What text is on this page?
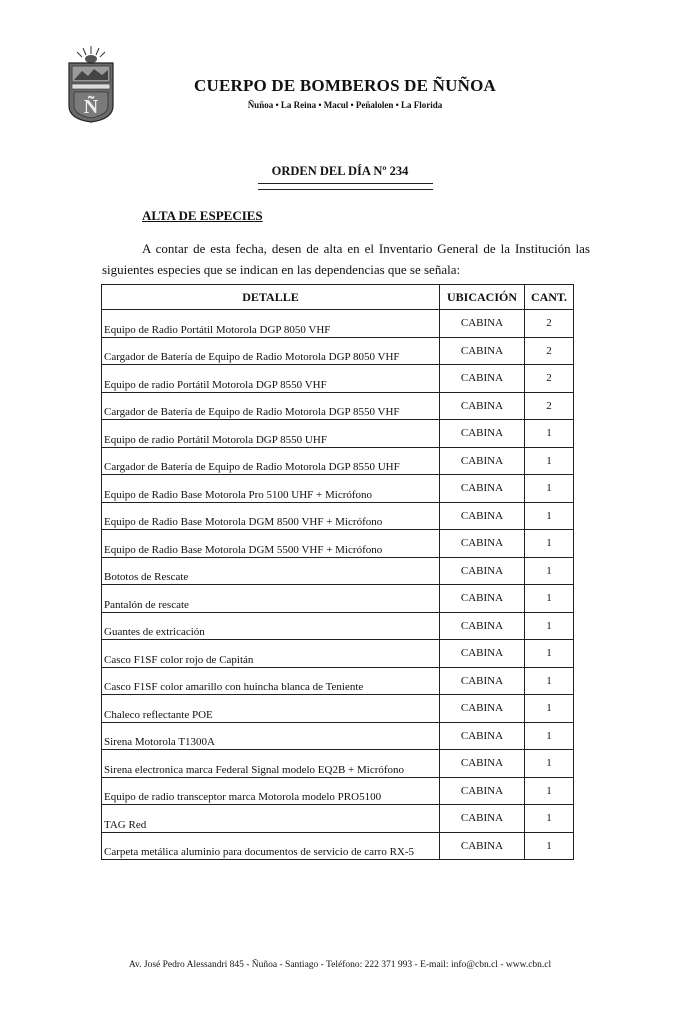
Ñ
CUERPO DE BOMBEROS DE ÑUÑOA
Ñuñoa • La Reina • Macul • Peñalolen • La Florida
ORDEN DEL DÍA Nº 234
ALTA DE ESPECIES
A contar de esta fecha, desen de alta en el Inventario General de la Institución las siguientes especies que se indican en las dependencias que se señala:
DETALLE	UBICACIÓN	CANT.
Equipo de Radio Portátil Motorola DGP 8050 VHF	CABINA	2
Cargador de Batería de Equipo de Radio Motorola DGP 8050 VHF	CABINA	2
Equipo de radio Portátil Motorola DGP 8550 VHF	CABINA	2
Cargador de Batería de Equipo de Radio Motorola DGP 8550 VHF	CABINA	2
Equipo de radio Portátil Motorola DGP 8550 UHF	CABINA	1
Cargador de Batería de Equipo de Radio Motorola DGP 8550 UHF	CABINA	1
Equipo de Radio Base Motorola Pro 5100 UHF + Micrófono	CABINA	1
Equipo de Radio Base Motorola DGM 8500 VHF + Micrófono	CABINA	1
Equipo de Radio Base Motorola DGM 5500 VHF + Micrófono	CABINA	1
Bototos de Rescate	CABINA	1
Pantalón de rescate	CABINA	1
Guantes de extricación	CABINA	1
Casco F1SF color rojo de Capitán	CABINA	1
Casco F1SF color amarillo con huincha blanca de Teniente	CABINA	1
Chaleco reflectante POE	CABINA	1
Sirena Motorola T1300A	CABINA	1
Sirena electronica marca Federal Signal modelo EQ2B + Micrófono	CABINA	1
Equipo de radio transceptor marca Motorola modelo PRO5100	CABINA	1
TAG Red	CABINA	1
Carpeta metálica aluminio para documentos de servicio de carro RX-5	CABINA	1
Av. José Pedro Alessandri 845 - Ñuñoa - Santiago - Teléfono: 222 371 993 - E-mail: info@cbn.cl - www.cbn.cl
